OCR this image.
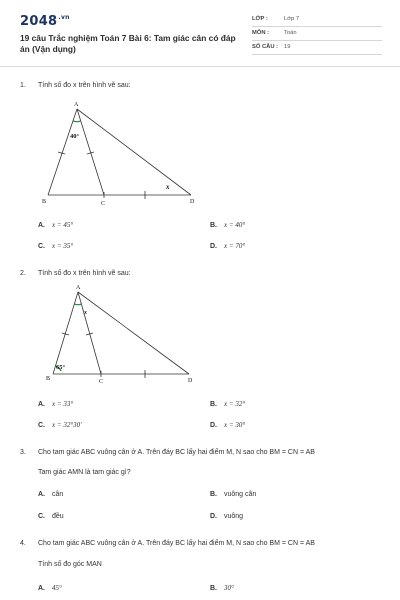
$2048^{.vn}$
19 câu Trắc nghiệm Toán 7 Bài 6: Tam giác cân có đáp án (Vận dụng)
LỚP :	Lớp 7
MÔN :	Toán
SỐ CÂU : 19
1. Tính số đo x trên hình vẽ sau:
40°
A
B	C	D
x
A. x = 45°	B. x = 40°
C. x = 35°	D. x = 70°
2. Tính số đo x trên hình vẽ sau:
65°
A
B	C	D
x
A. x = 33°	B. x = 32°
C. x = 32°30'	D. x = 30°
3. Cho tam giác ABC vuông cân ở A. Trên đáy BC lấy hai điểm M, N sao cho BM = CN = AB
Tam giác AMN là tam giác gì?
A. cân	B. vuông cân
C. đều	D. vuông
4. Cho tam giác ABC vuông cân ở A. Trên đáy BC lấy hai điểm M, N sao cho BM = CN = AB
Tính số đo góc MAN
A. 45°	B. 30°
